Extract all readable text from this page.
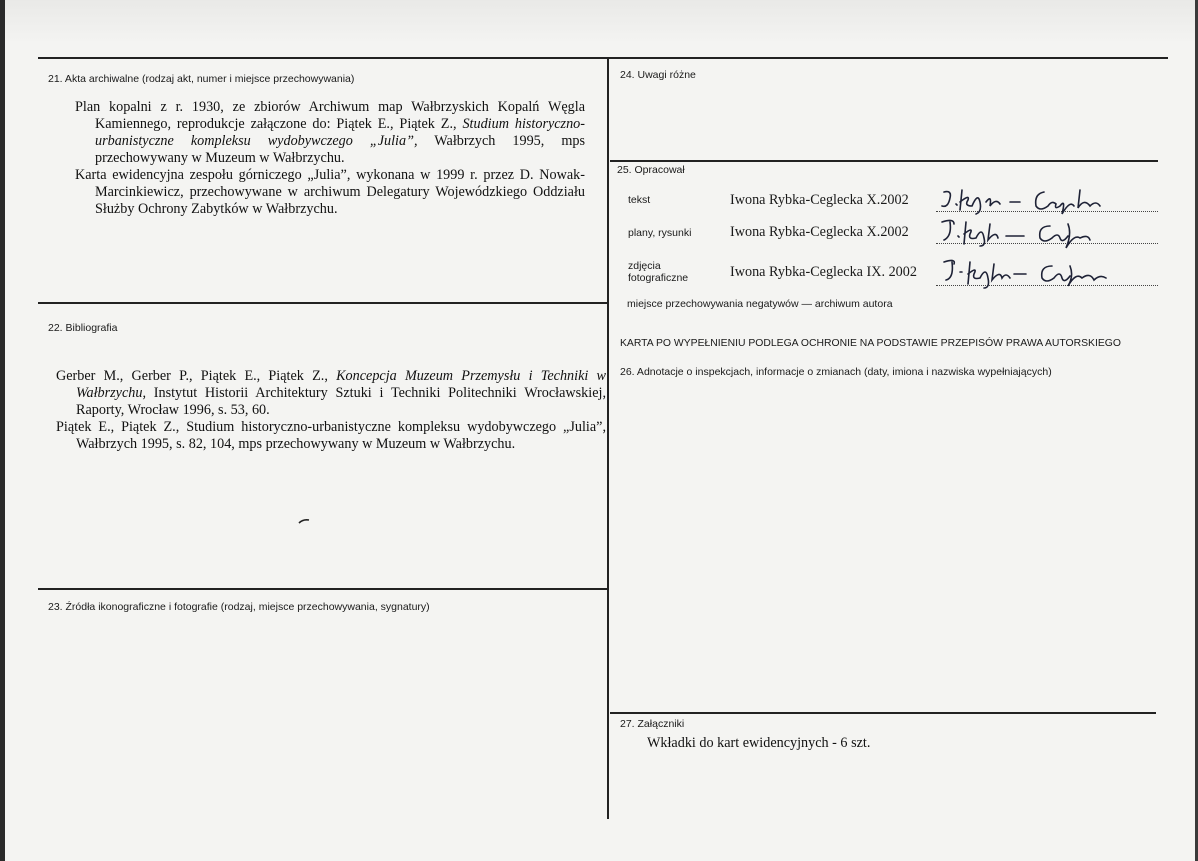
21. Akta archiwalne (rodzaj akt, numer i miejsce przechowywania)

Plan kopalni z r. 1930, ze zbiorów Archiwum map Wałbrzyskich Kopalń Węgla Kamiennego, reprodukcje załączone do: Piątek E., Piątek Z., Studium historyczno-urbanistyczne kompleksu wydobywczego „Julia”, Wałbrzych 1995, mps przechowywany w Muzeum w Wałbrzychu.

Karta ewidencyjna zespołu górniczego „Julia”, wykonana w 1999 r. przez D. Nowak-Marcinkiewicz, przechowywane w archiwum Delegatury Wojewódzkiego Oddziału Służby Ochrony Zabytków w Wałbrzychu.

22. Bibliografia

Gerber M., Gerber P., Piątek E., Piątek Z., Koncepcja Muzeum Przemysłu i Techniki w Wałbrzychu, Instytut Historii Architektury Sztuki i Techniki Politechniki Wrocławskiej, Raporty, Wrocław 1996, s. 53, 60.

Piątek E., Piątek Z., Studium historyczno-urbanistyczne kompleksu wydobywczego „Julia”, Wałbrzych 1995, s. 82, 104, mps przechowywany w Muzeum w Wałbrzychu.

23. Źródła ikonograficzne i fotografie (rodzaj, miejsce przechowywania, sygnatury)
24. Uwagi różne
25. Opracował
tekst	Iwona Rybka-Ceglecka X.2002
plany, rysunki	Iwona Rybka-Ceglecka X.2002
zdjęcia fotograficzne	Iwona Rybka-Ceglecka IX. 2002
miejsce przechowywania negatywów — archiwum autora
KARTA PO WYPEŁNIENIU PODLEGA OCHRONIE NA PODSTAWIE PRZEPISÓW PRAWA AUTORSKIEGO
26. Adnotacje o inspekcjach, informacje o zmianach (daty, imiona i nazwiska wypełniających)
27. Załączniki
Wkładki do kart ewidencyjnych - 6 szt.
